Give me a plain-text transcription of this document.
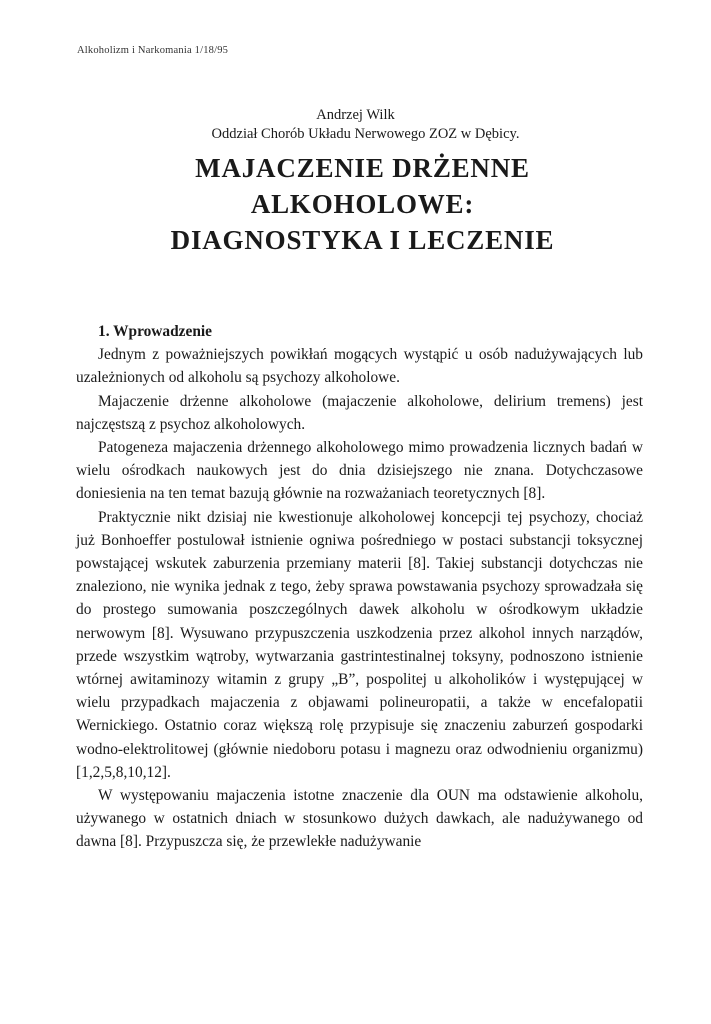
Alkoholizm i Narkomania 1/18/95
Andrzej Wilk
Oddział Chorób Układu Nerwowego ZOZ w Dębicy.
MAJACZENIE DRŻENNE
ALKOHOLOWE:
DIAGNOSTYKA I LECZENIE
1. Wprowadzenie

Jednym z poważniejszych powikłań mogących wystąpić u osób nadużywających lub uzależnionych od alkoholu są psychozy alkoholowe.

Majaczenie drżenne alkoholowe (majaczenie alkoholowe, delirium tremens) jest najczęstszą z psychoz alkoholowych.

Patogeneza majaczenia drżennego alkoholowego mimo prowadzenia licznych badań w wielu ośrodkach naukowych jest do dnia dzisiejszego nie znana. Dotychczasowe doniesienia na ten temat bazują głównie na rozważaniach teoretycznych [8].

Praktycznie nikt dzisiaj nie kwestionuje alkoholowej koncepcji tej psychozy, chociaż już Bonhoeffer postulował istnienie ogniwa pośredniego w postaci substancji toksycznej powstającej wskutek zaburzenia przemiany materii [8]. Takiej substancji dotychczas nie znaleziono, nie wynika jednak z tego, żeby sprawa powstawania psychozy sprowadzała się do prostego sumowania poszczególnych dawek alkoholu w ośrodkowym układzie nerwowym [8]. Wysuwano przypuszczenia uszkodzenia przez alkohol innych narządów, przede wszystkim wątroby, wytwarzania gastrintestinalnej toksyny, podnoszono istnienie wtórnej awitaminozy witamin z grupy „B”, pospolitej u alkoholików i występującej w wielu przypadkach majaczenia z objawami polineuropatii, a także w encefalopatii Wernickiego. Ostatnio coraz większą rolę przypisuje się znaczeniu zaburzeń gospodarki wodno-elektrolitowej (głównie niedoboru potasu i magnezu oraz odwodnieniu organizmu) [1,2,5,8,10,12].

W występowaniu majaczenia istotne znaczenie dla OUN ma odstawienie alkoholu, używanego w ostatnich dniach w stosunkowo dużych dawkach, ale nadużywanego od dawna [8]. Przypuszcza się, że przewlekłe nadużywanie
